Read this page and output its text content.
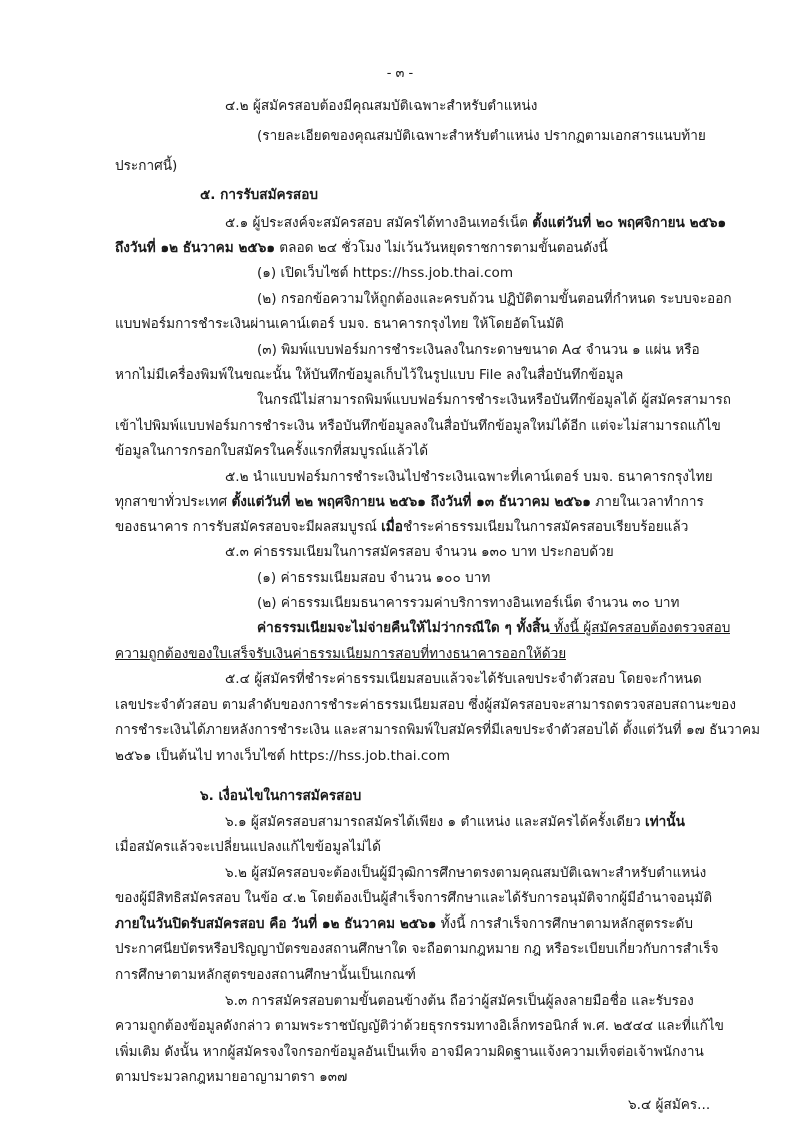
- ๓ -
๔.๒ ผู้สมัครสอบต้องมีคุณสมบัติเฉพาะสำหรับตำแหน่ง
(รายละเอียดของคุณสมบัติเฉพาะสำหรับตำแหน่ง ปรากฏตามเอกสารแนบท้าย
ประกาศนี้)
๕. การรับสมัครสอบ
๕.๑ ผู้ประสงค์จะสมัครสอบ สมัครได้ทางอินเทอร์เน็ต ตั้งแต่วันที่ ๒๐ พฤศจิกายน ๒๕๖๑
ถึงวันที่ ๑๒ ธันวาคม ๒๕๖๑ ตลอด ๒๔ ชั่วโมง ไม่เว้นวันหยุดราชการตามขั้นตอนดังนี้
(๑) เปิดเว็บไซต์ https://hss.job.thai.com
(๒) กรอกข้อความให้ถูกต้องและครบถ้วน ปฏิบัติตามขั้นตอนที่กำหนด ระบบจะออก
แบบฟอร์มการชำระเงินผ่านเคาน์เตอร์ บมจ. ธนาคารกรุงไทย ให้โดยอัตโนมัติ
(๓) พิมพ์แบบฟอร์มการชำระเงินลงในกระดาษขนาด A๔ จำนวน ๑ แผ่น หรือ
หากไม่มีเครื่องพิมพ์ในขณะนั้น ให้บันทึกข้อมูลเก็บไว้ในรูปแบบ File ลงในสื่อบันทึกข้อมูล
ในกรณีไม่สามารถพิมพ์แบบฟอร์มการชำระเงินหรือบันทึกข้อมูลได้ ผู้สมัครสามารถ
เข้าไปพิมพ์แบบฟอร์มการชำระเงิน หรือบันทึกข้อมูลลงในสื่อบันทึกข้อมูลใหม่ได้อีก แต่จะไม่สามารถแก้ไข
ข้อมูลในการกรอกใบสมัครในครั้งแรกที่สมบูรณ์แล้วได้
๕.๒ นำแบบฟอร์มการชำระเงินไปชำระเงินเฉพาะที่เคาน์เตอร์ บมจ. ธนาคารกรุงไทย
ทุกสาขาทั่วประเทศ ตั้งแต่วันที่ ๒๒ พฤศจิกายน ๒๕๖๑ ถึงวันที่ ๑๓ ธันวาคม ๒๕๖๑ ภายในเวลาทำการ
ของธนาคาร การรับสมัครสอบจะมีผลสมบูรณ์ เมื่อชำระค่าธรรมเนียมในการสมัครสอบเรียบร้อยแล้ว
๕.๓ ค่าธรรมเนียมในการสมัครสอบ จำนวน ๑๓๐ บาท ประกอบด้วย
(๑) ค่าธรรมเนียมสอบ จำนวน ๑๐๐ บาท
(๒) ค่าธรรมเนียมธนาคารรวมค่าบริการทางอินเทอร์เน็ต จำนวน ๓๐ บาท
ค่าธรรมเนียมจะไม่จ่ายคืนให้ไม่ว่ากรณีใด ๆ ทั้งสิ้น ทั้งนี้ ผู้สมัครสอบต้องตรวจสอบ
ความถูกต้องของใบเสร็จรับเงินค่าธรรมเนียมการสอบที่ทางธนาคารออกให้ด้วย
๕.๔ ผู้สมัครที่ชำระค่าธรรมเนียมสอบแล้วจะได้รับเลขประจำตัวสอบ โดยจะกำหนด
เลขประจำตัวสอบ ตามลำดับของการชำระค่าธรรมเนียมสอบ ซึ่งผู้สมัครสอบจะสามารถตรวจสอบสถานะของ
การชำระเงินได้ภายหลังการชำระเงิน และสามารถพิมพ์ใบสมัครที่มีเลขประจำตัวสอบได้ ตั้งแต่วันที่ ๑๗ ธันวาคม
๒๕๖๑ เป็นต้นไป ทางเว็บไซต์ https://hss.job.thai.com
๖. เงื่อนไขในการสมัครสอบ
๖.๑ ผู้สมัครสอบสามารถสมัครได้เพียง ๑ ตำแหน่ง และสมัครได้ครั้งเดียว เท่านั้น
เมื่อสมัครแล้วจะเปลี่ยนแปลงแก้ไขข้อมูลไม่ได้
๖.๒ ผู้สมัครสอบจะต้องเป็นผู้มีวุฒิการศึกษาตรงตามคุณสมบัติเฉพาะสำหรับตำแหน่ง
ของผู้มีสิทธิสมัครสอบ ในข้อ ๔.๒ โดยต้องเป็นผู้สำเร็จการศึกษาและได้รับการอนุมัติจากผู้มีอำนาจอนุมัติ
ภายในวันปิดรับสมัครสอบ คือ วันที่ ๑๒ ธันวาคม ๒๕๖๑ ทั้งนี้ การสำเร็จการศึกษาตามหลักสูตรระดับ
ประกาศนียบัตรหรือปริญญาบัตรของสถานศึกษาใด จะถือตามกฎหมาย กฎ หรือระเบียบเกี่ยวกับการสำเร็จ
การศึกษาตามหลักสูตรของสถานศึกษานั้นเป็นเกณฑ์
๖.๓ การสมัครสอบตามขั้นตอนข้างต้น ถือว่าผู้สมัครเป็นผู้ลงลายมือชื่อ และรับรอง
ความถูกต้องข้อมูลดังกล่าว ตามพระราชบัญญัติว่าด้วยธุรกรรมทางอิเล็กทรอนิกส์ พ.ศ. ๒๕๔๔ และที่แก้ไข
เพิ่มเติม ดังนั้น หากผู้สมัครจงใจกรอกข้อมูลอันเป็นเท็จ อาจมีความผิดฐานแจ้งความเท็จต่อเจ้าพนักงาน
ตามประมวลกฎหมายอาญามาตรา ๑๓๗
๖.๔ ผู้สมัคร...
